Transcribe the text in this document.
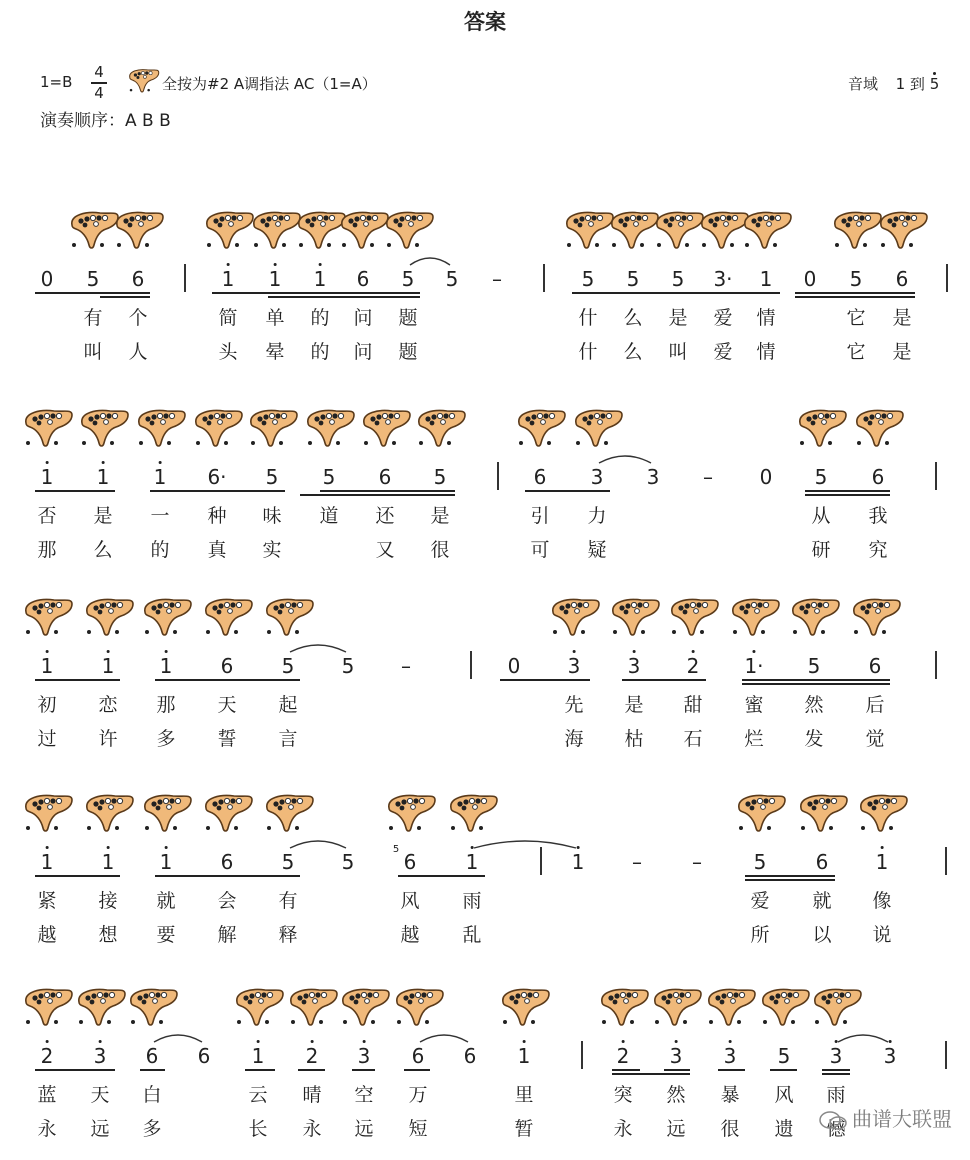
答案
1=B
4
4	全按为#2 A调指法 AC（1=A）
演奏顺序：A B B
音域 1 到 5
0 5 6	1 1 1 6 5 5 –	5 5 5 3· 1 0 5 6
有 个	简 单 的 问 题	什 么 是 爱 情	它 是
叫 人	头 晕 的 问 题	什 么 叫 爱 情	它 是
1 1 1 6· 5 5 6 5	6 3 3 – 0 5 6
否 是 一 种 味 道 还 是	引 力	从 我
那 么 的 真 实	又 很	可 疑	研 究
1 1 1 6 5 5 –	0 3 3 2 1· 5 6
初 恋 那 天 起	先 是 甜 蜜 然 后
过 许 多 誓 言	海 枯 石 烂 发 觉
1 1 1 6 5 5 6
5
1	1 –	–	5 6 1
紧 接 就 会 有	风 雨	爱 就 像
越 想 要 解 释	越 乱	所 以 说
2 3 6 6 1 2 3 6 6 1	2 3 3 5 3 3
蓝 天 白	云 晴 空 万	里	突 然 暴 风 雨
永 远 多	长 永 远 短	暂	永 远 很 遗 憾 曲谱大联盟
